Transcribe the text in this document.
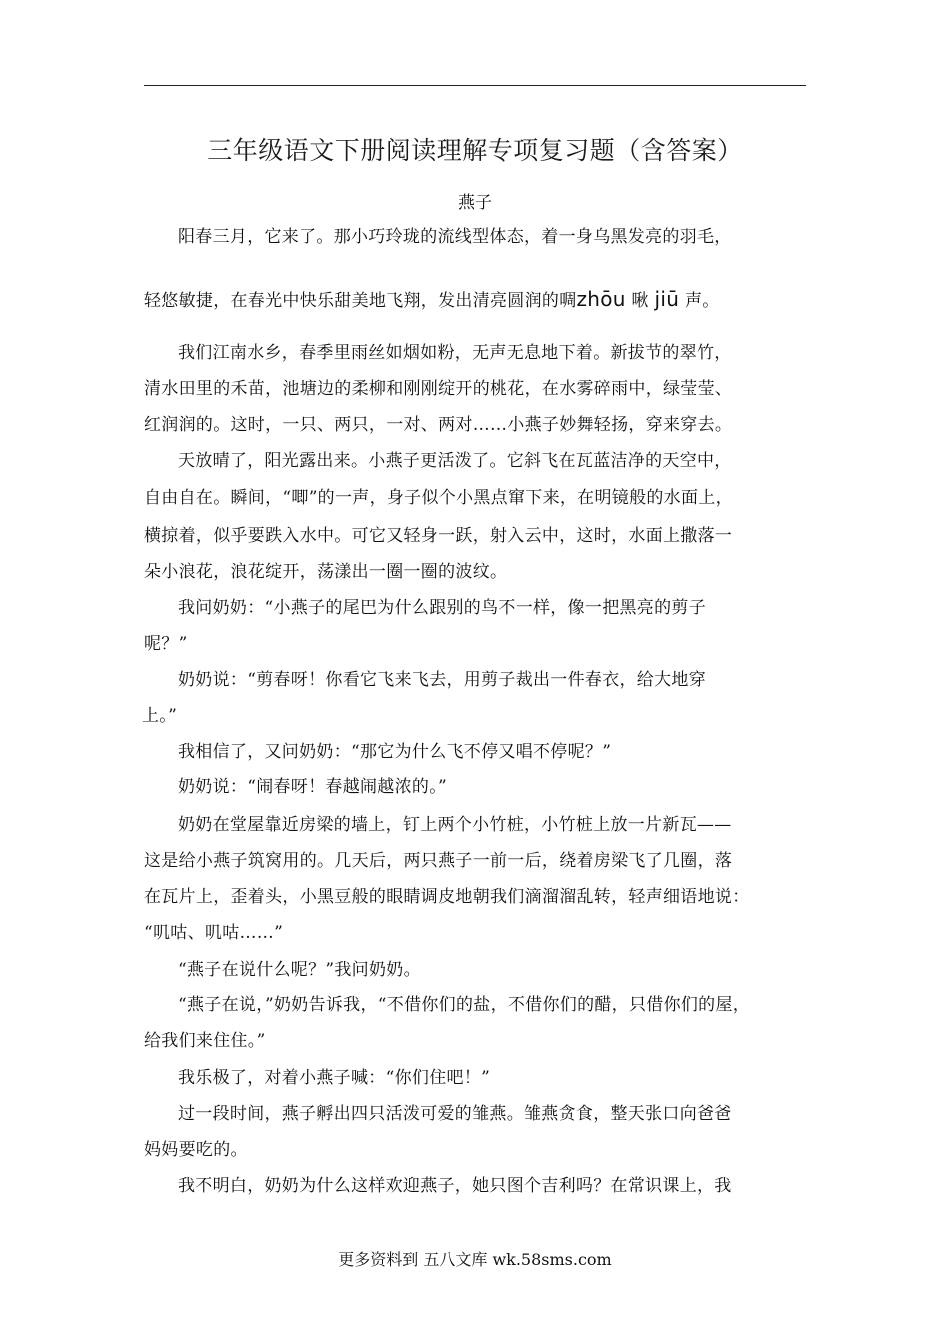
三年级语文下册阅读理解专项复习题（含答案）
燕子
阳春三月，它来了。那小巧玲珑的流线型体态，着一身乌黑发亮的羽毛，
轻悠敏捷，在春光中快乐甜美地飞翔，发出清亮圆润的啁zhōu 啾 jiū 声。
我们江南水乡，春季里雨丝如烟如粉，无声无息地下着。新拔节的翠竹，
清水田里的禾苗，池塘边的柔柳和刚刚绽开的桃花，在水雾碎雨中，绿莹莹、
红润润的。这时，一只、两只，一对、两对……小燕子妙舞轻扬，穿来穿去。
天放晴了，阳光露出来。小燕子更活泼了。它斜飞在瓦蓝洁净的天空中，
自由自在。瞬间，“唧”的一声，身子似个小黑点窜下来，在明镜般的水面上，
横掠着，似乎要跌入水中。可它又轻身一跃，射入云中，这时，水面上撒落一
朵小浪花，浪花绽开，荡漾出一圈一圈的波纹。
我问奶奶：“小燕子的尾巴为什么跟别的鸟不一样，像一把黑亮的剪子
呢？”
奶奶说：“剪春呀！你看它飞来飞去，用剪子裁出一件春衣，给大地穿
上。”
我相信了，又问奶奶：“那它为什么飞不停又唱不停呢？”
奶奶说：“闹春呀！春越闹越浓的。”
奶奶在堂屋靠近房梁的墙上，钉上两个小竹桩，小竹桩上放一片新瓦——
这是给小燕子筑窝用的。几天后，两只燕子一前一后，绕着房梁飞了几圈，落
在瓦片上，歪着头，小黑豆般的眼睛调皮地朝我们滴溜溜乱转，轻声细语地说：
“叽咕、叽咕……”
“燕子在说什么呢？”我问奶奶。
“燕子在说，”奶奶告诉我，“不借你们的盐，不借你们的醋，只借你们的屋，
给我们来住住。”
我乐极了，对着小燕子喊：“你们住吧！”
过一段时间，燕子孵出四只活泼可爱的雏燕。雏燕贪食，整天张口向爸爸
妈妈要吃的。
我不明白，奶奶为什么这样欢迎燕子，她只图个吉利吗？在常识课上，我
更多资料到 五八文库 wk.58sms.com
